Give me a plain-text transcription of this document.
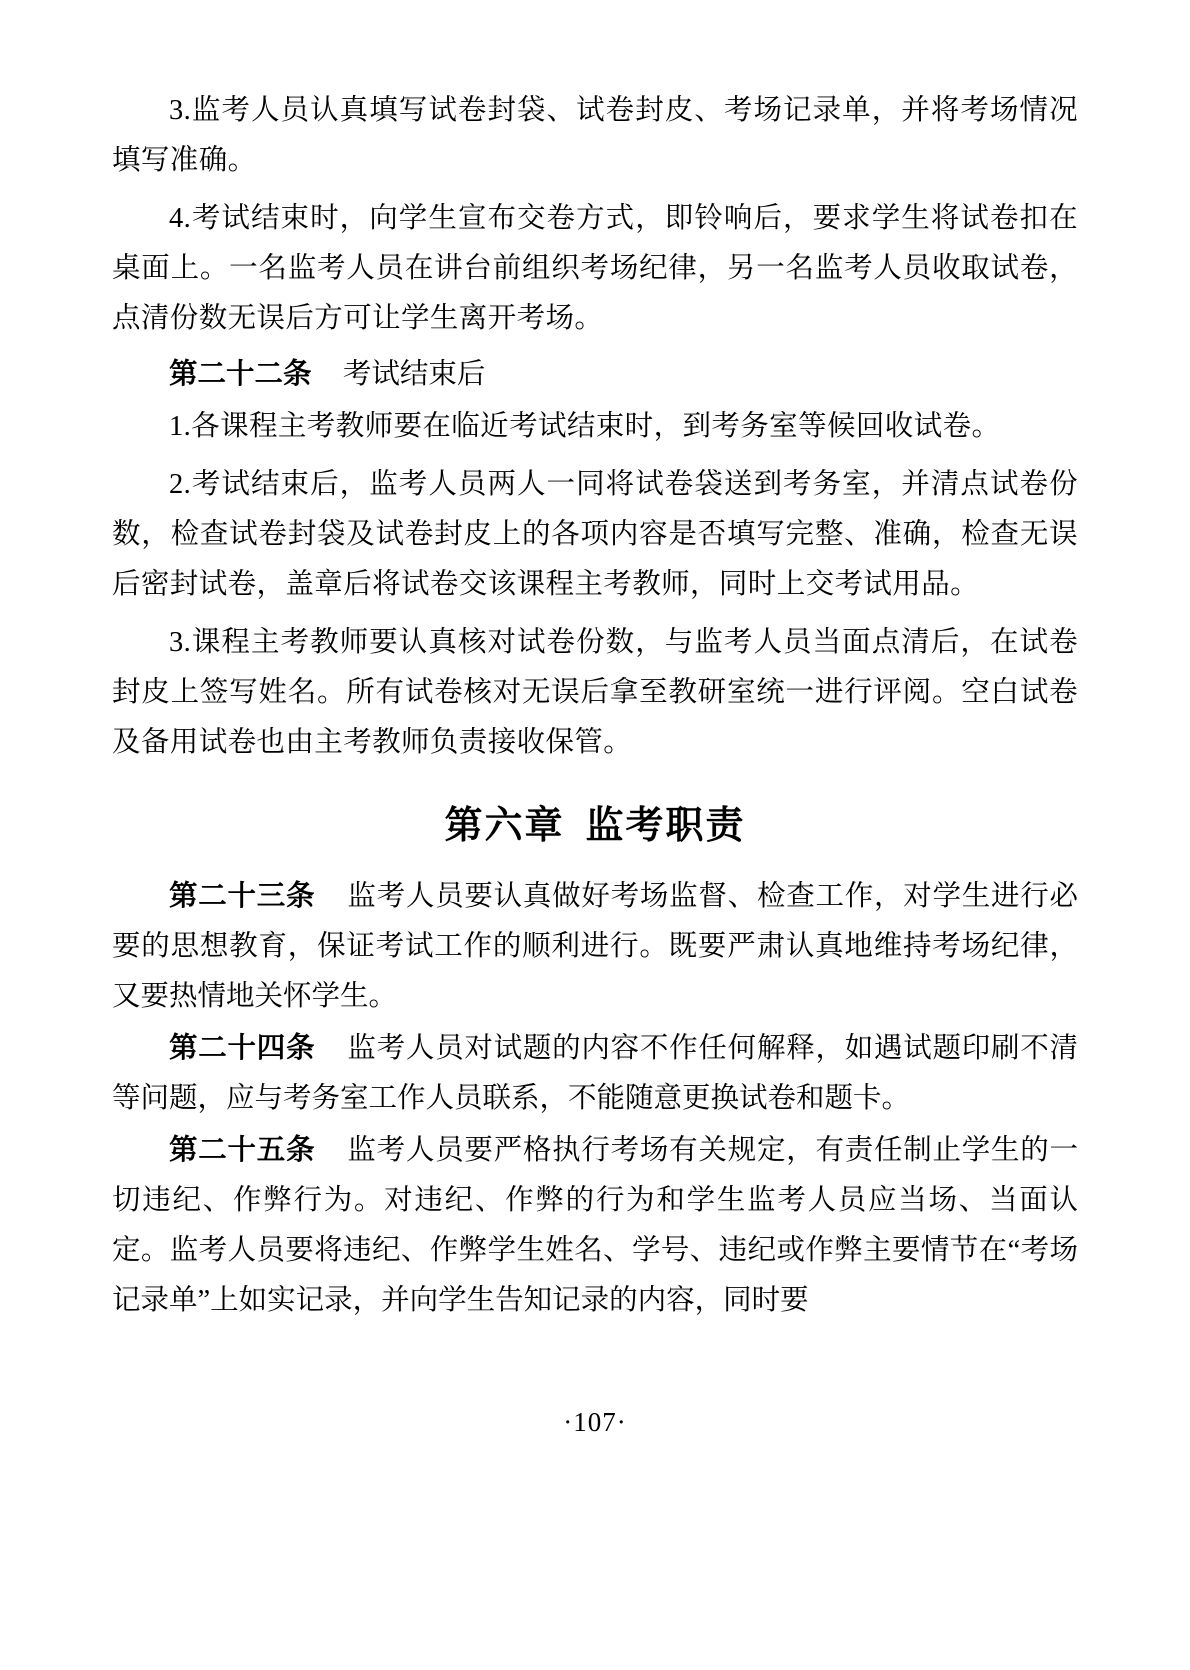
3.监考人员认真填写试卷封袋、试卷封皮、考场记录单，并将考场情况填写准确。

4.考试结束时，向学生宣布交卷方式，即铃响后，要求学生将试卷扣在桌面上。一名监考人员在讲台前组织考场纪律，另一名监考人员收取试卷，点清份数无误后方可让学生离开考场。

第二十二条 考试结束后

1.各课程主考教师要在临近考试结束时，到考务室等候回收试卷。

2.考试结束后，监考人员两人一同将试卷袋送到考务室，并清点试卷份数，检查试卷封袋及试卷封皮上的各项内容是否填写完整、准确，检查无误后密封试卷，盖章后将试卷交该课程主考教师，同时上交考试用品。

3.课程主考教师要认真核对试卷份数，与监考人员当面点清后，在试卷封皮上签写姓名。所有试卷核对无误后拿至教研室统一进行评阅。空白试卷及备用试卷也由主考教师负责接收保管。

第六章 监考职责

第二十三条 监考人员要认真做好考场监督、检查工作，对学生进行必要的思想教育，保证考试工作的顺利进行。既要严肃认真地维持考场纪律，又要热情地关怀学生。

第二十四条 监考人员对试题的内容不作任何解释，如遇试题印刷不清等问题，应与考务室工作人员联系，不能随意更换试卷和题卡。

第二十五条 监考人员要严格执行考场有关规定，有责任制止学生的一切违纪、作弊行为。对违纪、作弊的行为和学生监考人员应当场、当面认定。监考人员要将违纪、作弊学生姓名、学号、违纪或作弊主要情节在“考场记录单”上如实记录，并向学生告知记录的内容，同时要

·107·
